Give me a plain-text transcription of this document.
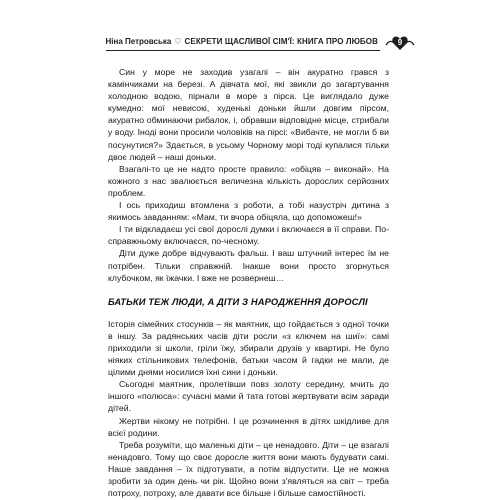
Ніна Петровська ♡ СЕКРЕТИ ЩАСЛИВОЇ СІМ'Ї: КНИГА ПРО ЛЮБОВ 9

Син у море не заходив узагалі – він акуратно грався з камінчиками на березі. А дівчата мої, які звикли до загартування холодною водою, пірнали в море з пірса. Це виглядало дуже кумедно: мої невисокі, худенькі доньки йшли довгим пірсом, акуратно обминаючи рибалок, і, обравши відповідне місце, стрибали у воду. Іноді вони просили чоловіків на пірсі: «Вибачте, не могли б ви посунутися?» Здається, в усьому Чорному морі тоді купалися тільки двоє людей – наші доньки.

Взагалі-то це не надто просте правило: «обіцяв – виконай». На кожного з нас звалюється величезна кількість дорослих серйозних проблем.

І ось приходиш втомлена з роботи, а тобі назустріч дитина з якимось завданням: «Мам, ти вчора обіцяла, що допоможеш!»

І ти відкладаєш усі свої дорослі думки і включаєся в її справи. По-справжньому включаєся, по-чесному.

Діти дуже добре відчувають фальш. І ваш штучний інтерес їм не потрібен. Тільки справжній. Інакше вони просто згорнуться клубочком, як їжачки. І вже не розвернеш…

БАТЬКИ ТЕЖ ЛЮДИ, А ДІТИ З НАРОДЖЕННЯ ДОРОСЛІ

Історія сімейних стосунків – як маятник, що гойдається з одної точки в іншу. За радянських часів діти росли «з ключем на шиї»: самі приходили зі школи, гріли їжу, збирали друзів у квартирі. Не було ніяких стільникових телефонів, батьки часом й гадки не мали, де цілими днями носилися їхні сини і доньки.

Сьогодні маятник, пролетівши повз золоту середину, мчить до іншого «полюса»: сучасні мами й тата готові жертвувати всім заради дітей.

Жертви нікому не потрібні. І це розчинення в дітях шкідливе для всієї родини.

Треба розуміти, що маленькі діти – це ненадовго. Діти – це взагалі ненадовго. Тому що своє доросле життя вони мають будувати самі. Наше завдання – їх підготувати, а потім відпустити. Це не можна зробити за один день чи рік. Щойно вони з'являться на світ – треба потроху, потроху, але давати все більше і більше самостійності.
